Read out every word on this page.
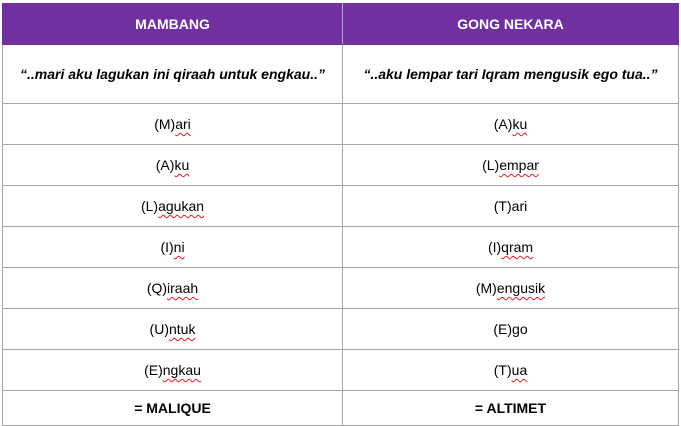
MAMBANG	GONG NEKARA
“..mari aku lagukan ini qiraah untuk engkau..”	“..aku lempar tari Iqram mengusik ego tua..”
(M)ari	(A)ku
(A)ku	(L)empar
(L)agukan	(T)ari
(I)ni	(I)qram
(Q)iraah	(M)engusik
(U)ntuk	(E)go
(E)ngkau	(T)ua
= MALIQUE	= ALTIMET
